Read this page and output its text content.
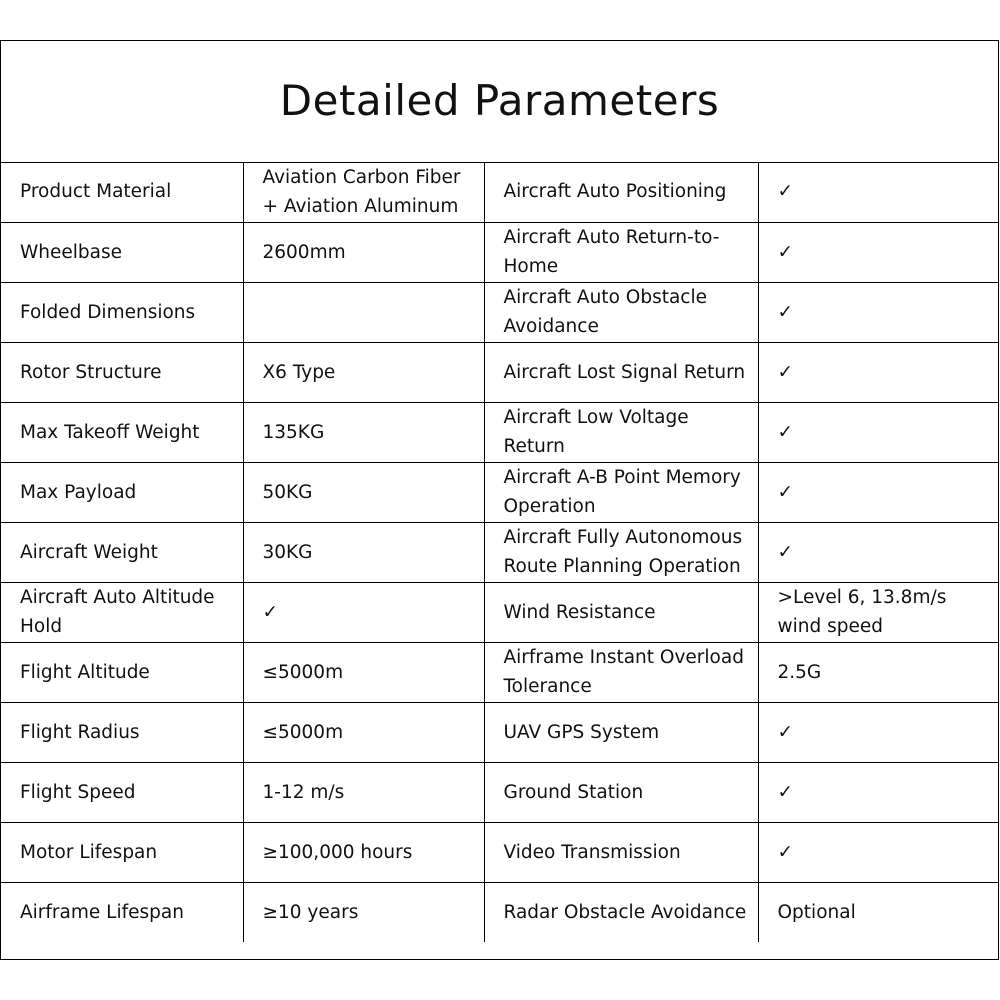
Detailed Parameters
Product Material	Aviation Carbon Fiber + Aviation Aluminum	Aircraft Auto Positioning	✓
Wheelbase	2600mm	Aircraft Auto Return-to-Home	✓
Folded Dimensions		Aircraft Auto Obstacle Avoidance	✓
Rotor Structure	X6 Type	Aircraft Lost Signal Return	✓
Max Takeoff Weight	135KG	Aircraft Low Voltage Return	✓
Max Payload	50KG	Aircraft A-B Point Memory Operation	✓
Aircraft Weight	30KG	Aircraft Fully Autonomous Route Planning Operation	✓
Aircraft Auto Altitude Hold	✓	Wind Resistance	>Level 6, 13.8m/s wind speed
Flight Altitude	≤5000m	Airframe Instant Overload Tolerance	2.5G
Flight Radius	≤5000m	UAV GPS System	✓
Flight Speed	1-12 m/s	Ground Station	✓
Motor Lifespan	≥100,000 hours	Video Transmission	✓
Airframe Lifespan	≥10 years	Radar Obstacle Avoidance	Optional
